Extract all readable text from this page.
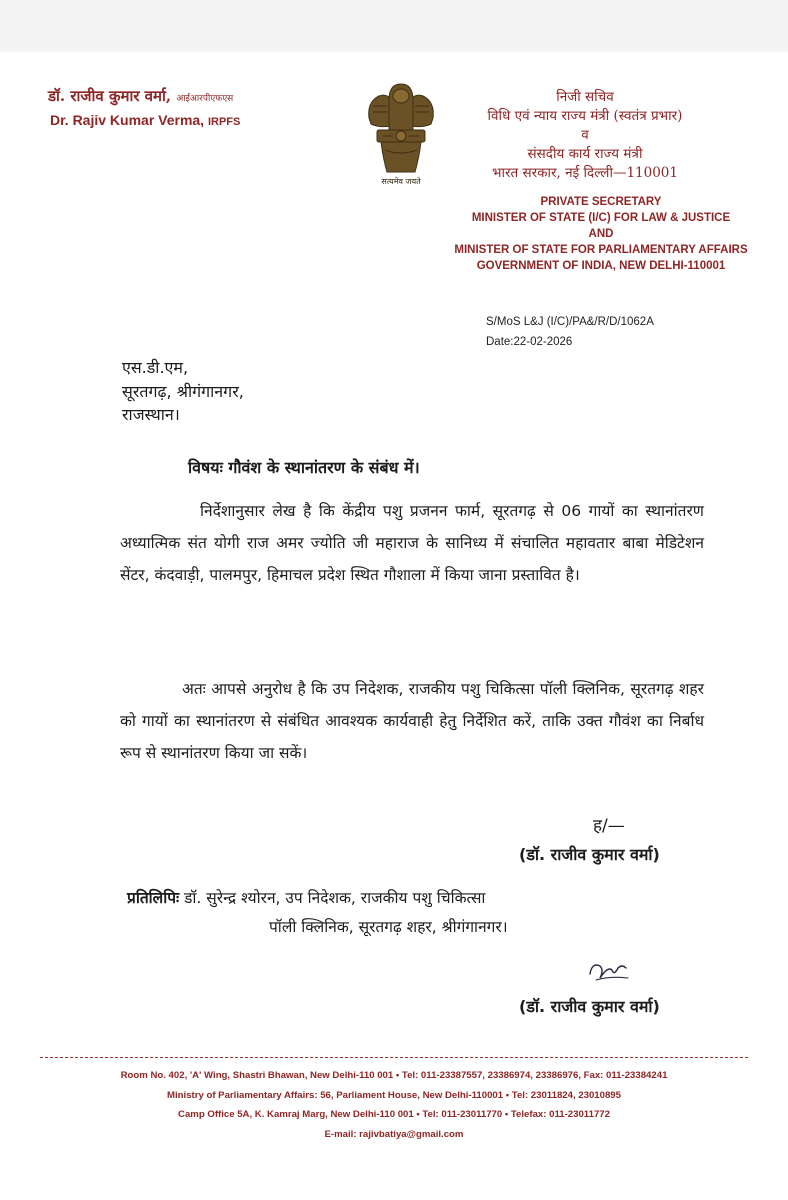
डॉ. राजीव कुमार वर्मा, आईआरपीएफएस
Dr. Rajiv Kumar Verma, IRPFS
सत्यमेव जयते
निजी सचिव
विधि एवं न्याय राज्य मंत्री (स्वतंत्र प्रभार)
व
संसदीय कार्य राज्य मंत्री
भारत सरकार, नई दिल्ली—110001
PRIVATE SECRETARY
MINISTER OF STATE (I/C) FOR LAW & JUSTICE
AND
MINISTER OF STATE FOR PARLIAMENTARY AFFAIRS
GOVERNMENT OF INDIA, NEW DELHI-110001
S/MoS L&J (I/C)/PA&/R/D/1062A
Date:22-02-2026
एस.डी.एम,
सूरतगढ़, श्रीगंगानगर,
राजस्थान।
विषयः गौवंश के स्थानांतरण के संबंध में।
निर्देशानुसार लेख है कि केंद्रीय पशु प्रजनन फार्म, सूरतगढ़ से 06 गायों का स्थानांतरण अध्यात्मिक संत योगी राज अमर ज्योति जी महाराज के सानिध्य में संचालित महावतार बाबा मेडिटेशन सेंटर, कंदवाड़ी, पालमपुर, हिमाचल प्रदेश स्थित गौशाला में किया जाना प्रस्तावित है।
अतः आपसे अनुरोध है कि उप निदेशक, राजकीय पशु चिकित्सा पॉली क्लिनिक, सूरतगढ़ शहर को गायों का स्थानांतरण से संबंधित आवश्यक कार्यवाही हेतु निर्देशित करें, ताकि उक्त गौवंश का निर्बाध रूप से स्थानांतरण किया जा सकें।
ह/—
(डॉ. राजीव कुमार वर्मा)
प्रतिलिपिः डॉ. सुरेन्द्र श्योरन, उप निदेशक, राजकीय पशु चिकित्सा
पॉली क्लिनिक, सूरतगढ़ शहर, श्रीगंगानगर।
(डॉ. राजीव कुमार वर्मा)
Room No. 402, 'A' Wing, Shastri Bhawan, New Delhi-110 001 • Tel: 011-23387557, 23386974, 23386976, Fax: 011-23384241
Ministry of Parliamentary Affairs: 56, Parliament House, New Delhi-110001 • Tel: 23011824, 23010895
Camp Office 5A, K. Kamraj Marg, New Delhi-110 001 • Tel: 011-23011770 • Telefax: 011-23011772
E-mail: rajivbatiya@gmail.com
